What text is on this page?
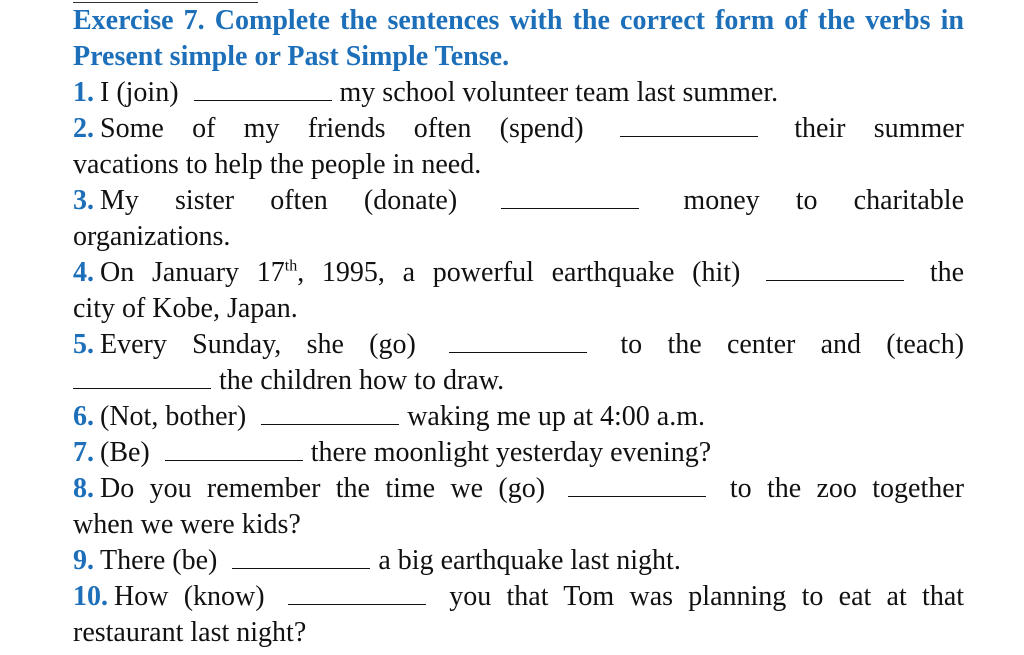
Exercise 7. Complete the sentences with the correct form of the verbs in Present simple or Past Simple Tense.
1. I (join)	my school volunteer team last summer.
2. Some of my friends often (spend)	their summer
vacations to help the people in need.
3. My sister often (donate)	money to charitable
organizations.
4. On January 17th, 1995, a powerful earthquake (hit)	the
city of Kobe, Japan.
5. Every Sunday, she (go)	to the center and (teach)
the children how to draw.
6. (Not, bother)	waking me up at 4:00 a.m.
7. (Be)	there moonlight yesterday evening?
8. Do you remember the time we (go)	to the zoo together
when we were kids?
9. There (be)	a big earthquake last night.
10. How (know)	you that Tom was planning to eat at that
restaurant last night?
